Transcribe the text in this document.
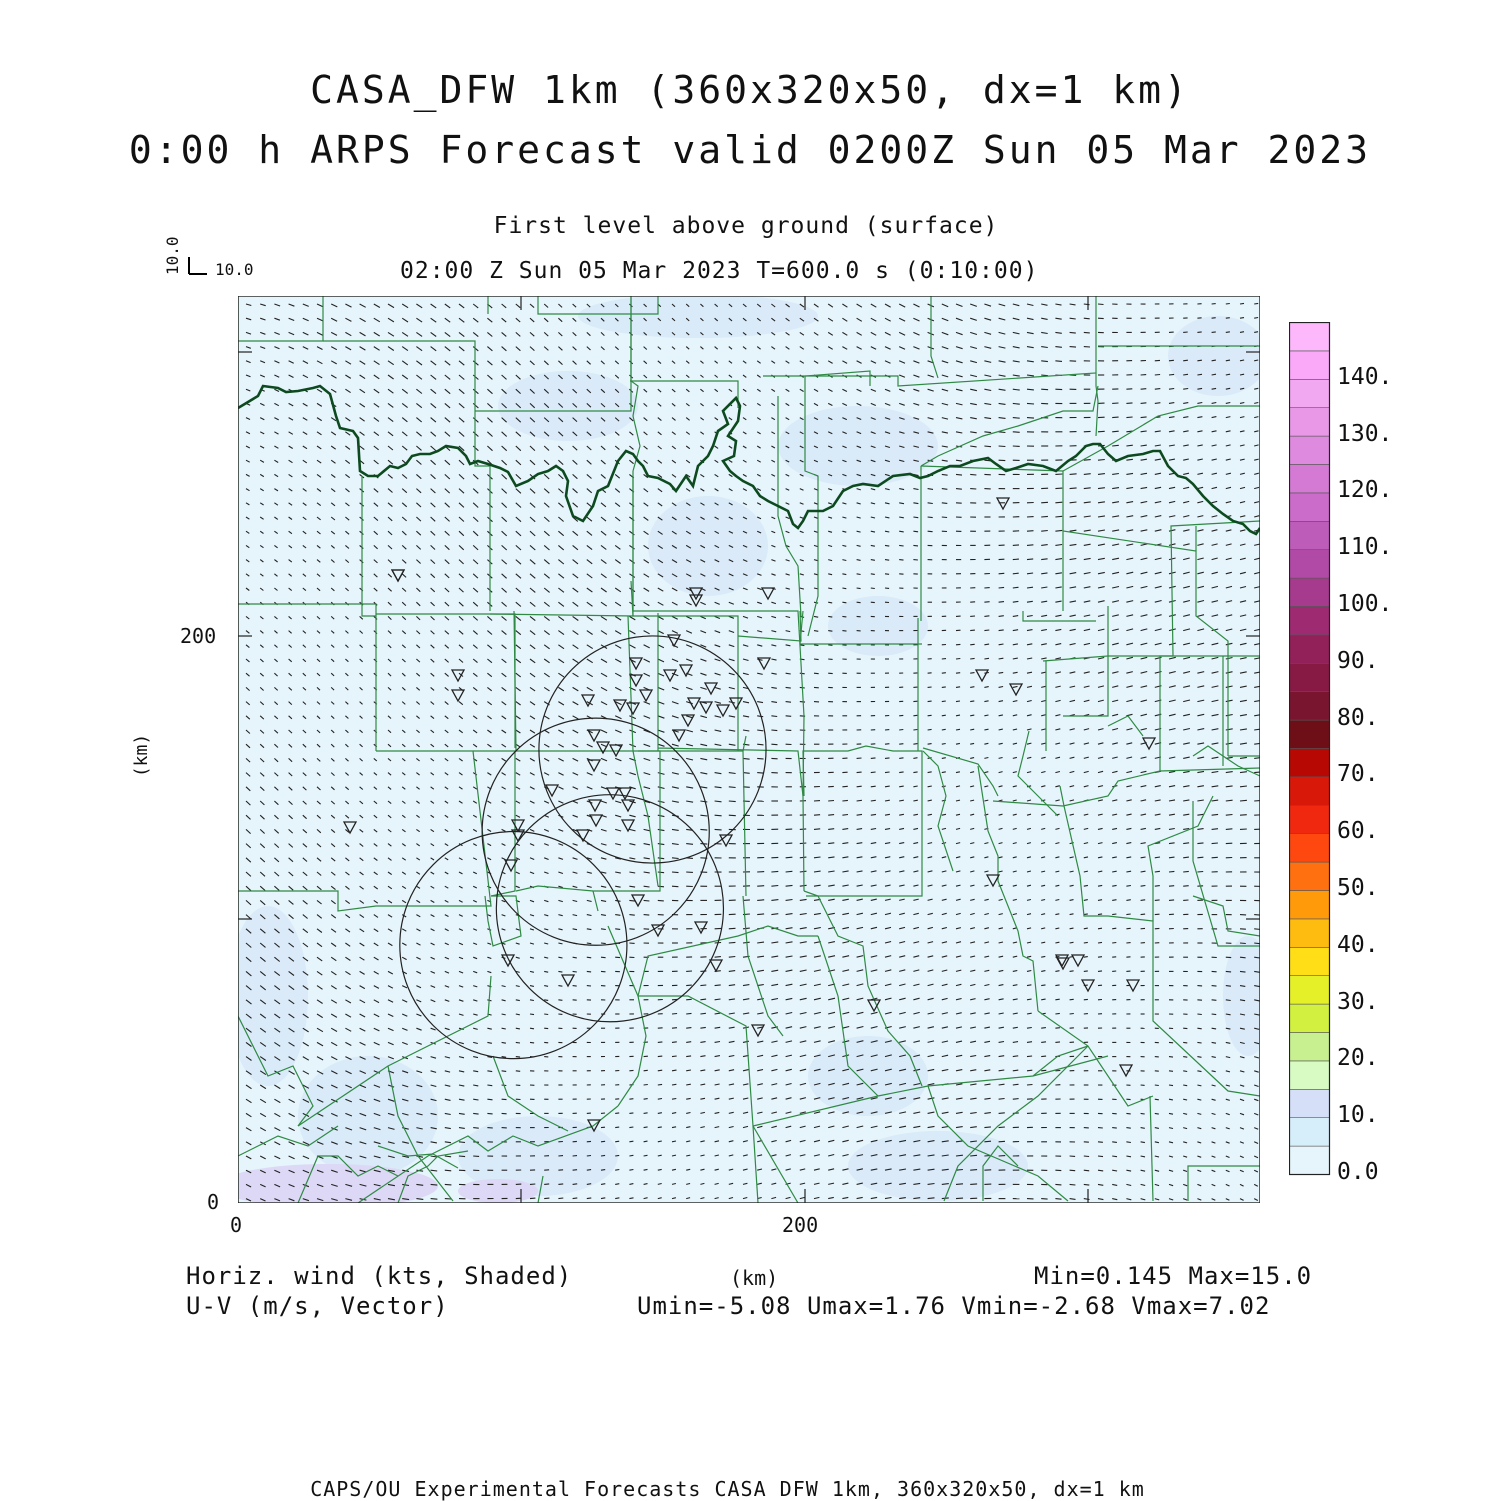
CASA_DFW 1km (360x320x50, dx=1 km)
0:00 h ARPS Forecast valid 0200Z Sun 05 Mar 2023
First level above ground (surface)
02:00 Z Sun 05 Mar 2023 T=600.0 s (0:10:00)
10.0
10.0
(km)
200
0
0	200
(km)
0.0
10.
20.
30.
40.
50.
60.
70.
80.
90.
100.
110.
120.
130.
140.
Horiz. wind (kts, Shaded)
U-V (m/s, Vector)
Min=0.145 Max=15.0
Umin=-5.08 Umax=1.76 Vmin=-2.68 Vmax=7.02
CAPS/OU Experimental Forecasts CASA DFW 1km, 360x320x50, dx=1 km
